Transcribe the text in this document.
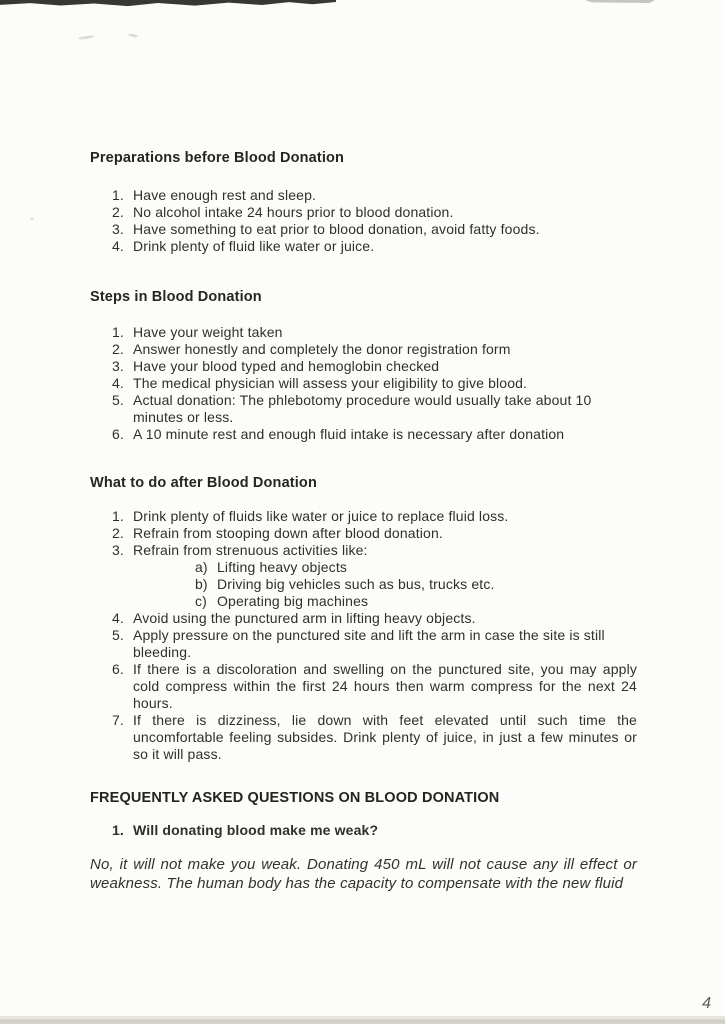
Preparations before Blood Donation
1. Have enough rest and sleep.
2. No alcohol intake 24 hours prior to blood donation.
3. Have something to eat prior to blood donation, avoid fatty foods.
4. Drink plenty of fluid like water or juice.
Steps in Blood Donation
1. Have your weight taken
2. Answer honestly and completely the donor registration form
3. Have your blood typed and hemoglobin checked
4. The medical physician will assess your eligibility to give blood.
5. Actual donation: The phlebotomy procedure would usually take about 10 minutes or less.
6. A 10 minute rest and enough fluid intake is necessary after donation
What to do after Blood Donation
1. Drink plenty of fluids like water or juice to replace fluid loss.
2. Refrain from stooping down after blood donation.
3. Refrain from strenuous activities like:
a) Lifting heavy objects
b) Driving big vehicles such as bus, trucks etc.
c) Operating big machines
4. Avoid using the punctured arm in lifting heavy objects.
5. Apply pressure on the punctured site and lift the arm in case the site is still bleeding.
6. If there is a discoloration and swelling on the punctured site, you may apply cold compress within the first 24 hours then warm compress for the next 24 hours.
7. If there is dizziness, lie down with feet elevated until such time the uncomfortable feeling subsides. Drink plenty of juice, in just a few minutes or so it will pass.
FREQUENTLY ASKED QUESTIONS ON BLOOD DONATION
1. Will donating blood make me weak?
No, it will not make you weak. Donating 450 mL will not cause any ill effect or weakness. The human body has the capacity to compensate with the new fluid
4
